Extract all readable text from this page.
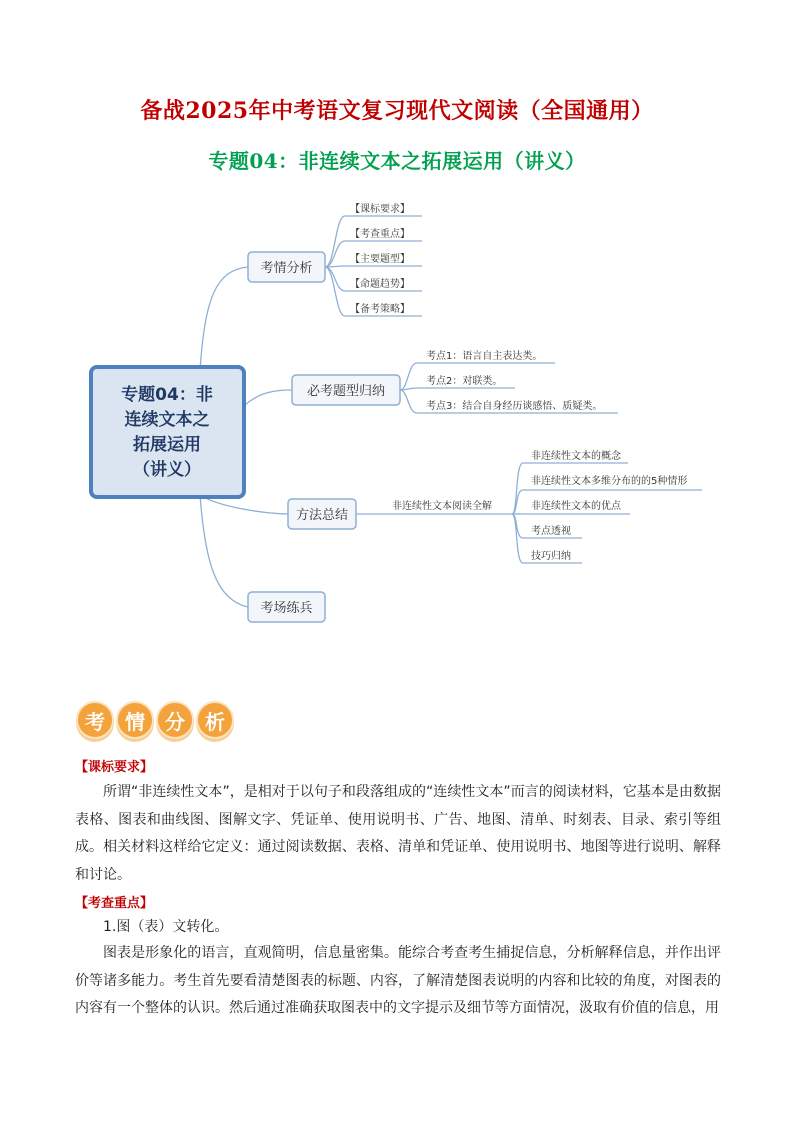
备战2025年中考语文复习现代文阅读（全国通用）
专题04：非连续文本之拓展运用（讲义）
专题04：非
连续文本之
拓展运用
（讲义）
考情分析
必考题型归纳
方法总结
考场练兵
【课标要求】
【考查重点】
【主要题型】
【命题趋势】
【备考策略】
考点1：语言自主表达类。
考点2：对联类。
考点3：结合自身经历谈感悟、质疑类。
非连续性文本阅读全解
非连续性文本的概念
非连续性文本多维分布的的5种情形
非连续性文本的优点
考点透视
技巧归纳
考	情	分	析
【课标要求】
所谓“非连续性文本”，是相对于以句子和段落组成的“连续性文本”而言的阅读材料，它基本是由数据表格、图表和曲线图、图解文字、凭证单、使用说明书、广告、地图、清单、时刻表、目录、索引等组成。相关材料这样给它定义：通过阅读数据、表格、清单和凭证单、使用说明书、地图等进行说明、解释和讨论。
【考查重点】
1.图（表）文转化。
图表是形象化的语言，直观简明，信息量密集。能综合考查考生捕捉信息，分析解释信息，并作出评价等诸多能力。考生首先要看清楚图表的标题、内容，了解清楚图表说明的内容和比较的角度，对图表的内容有一个整体的认识。然后通过准确获取图表中的文字提示及细节等方面情况，汲取有价值的信息，用
